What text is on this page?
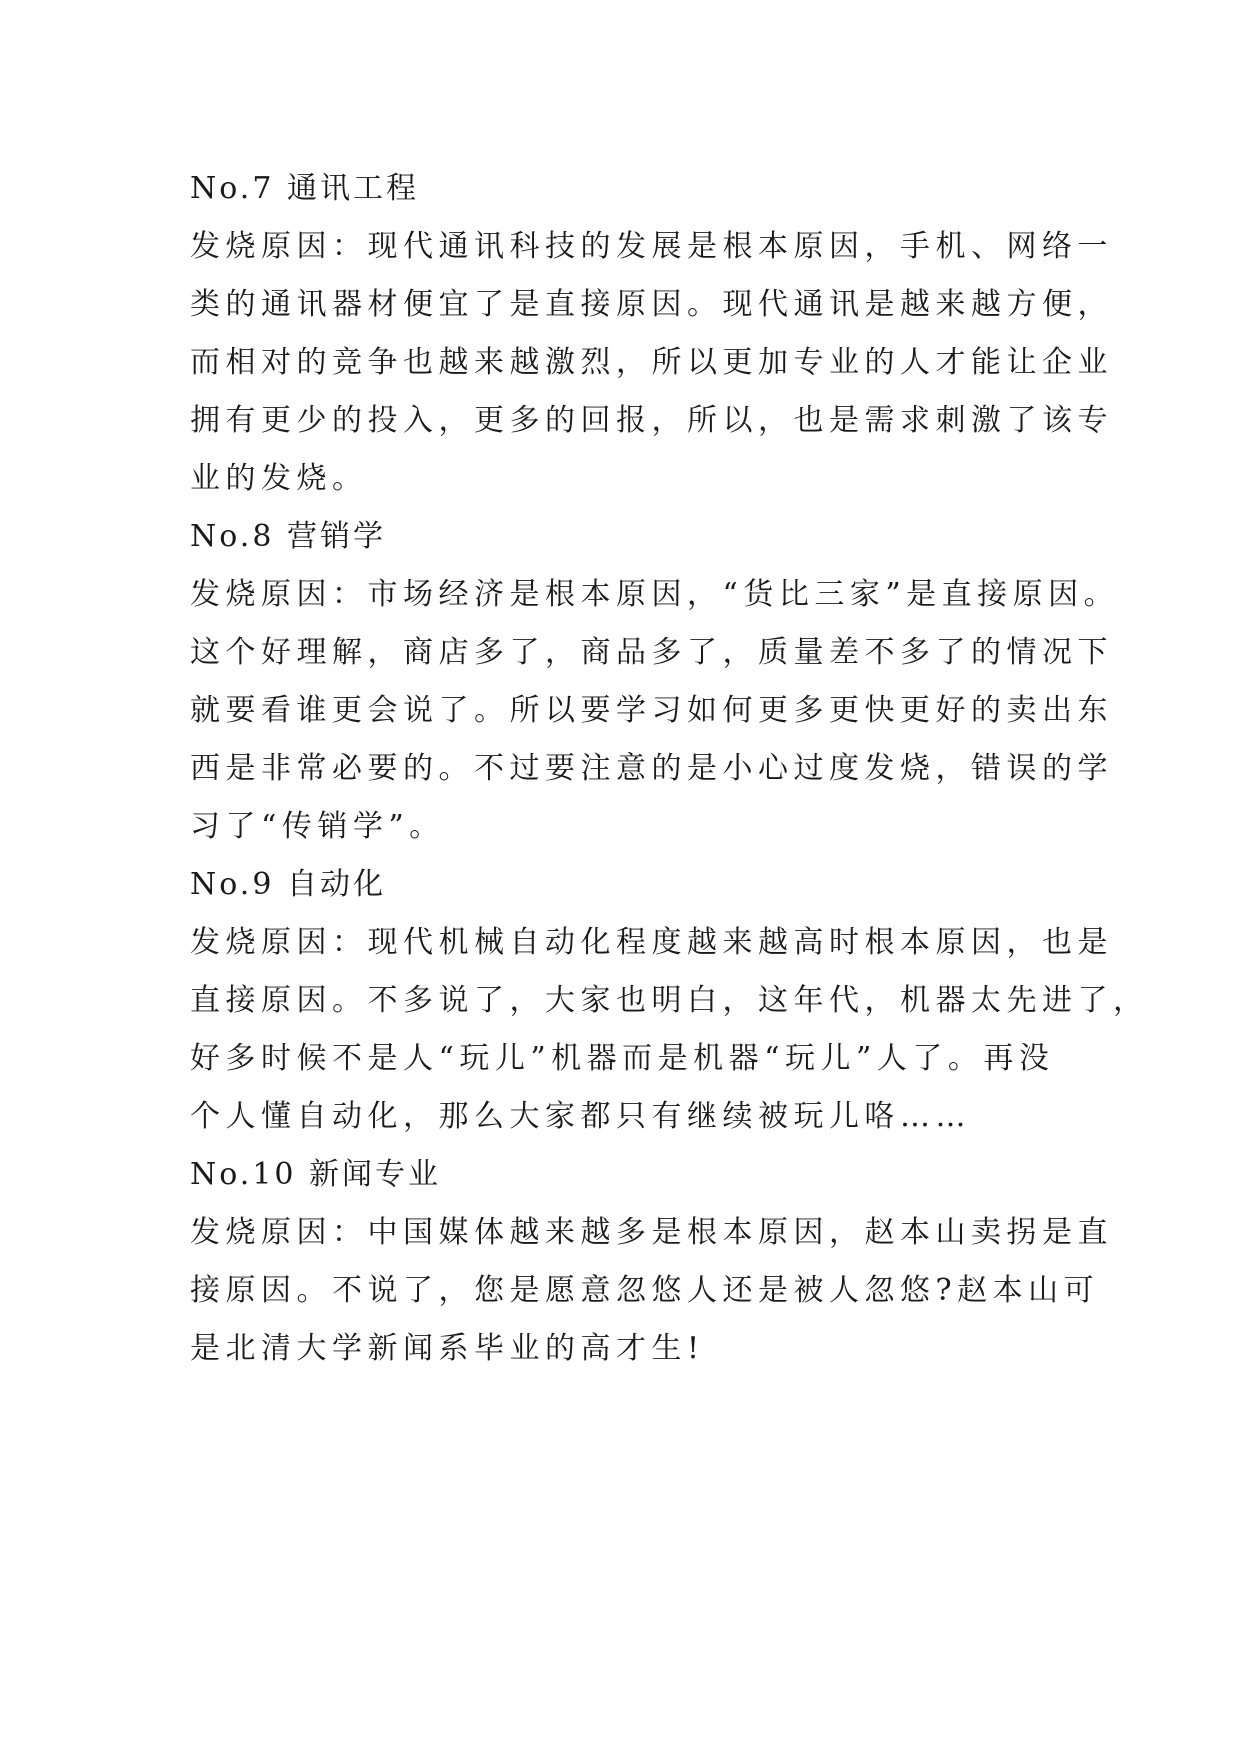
No.7 通讯工程
发烧原因：现代通讯科技的发展是根本原因，手机、网络一
类的通讯器材便宜了是直接原因。现代通讯是越来越方便，
而相对的竞争也越来越激烈，所以更加专业的人才能让企业
拥有更少的投入，更多的回报，所以，也是需求刺激了该专
业的发烧。
No.8 营销学
发烧原因：市场经济是根本原因，“货比三家”是直接原因。
这个好理解，商店多了，商品多了，质量差不多了的情况下
就要看谁更会说了。所以要学习如何更多更快更好的卖出东
西是非常必要的。不过要注意的是小心过度发烧，错误的学
习了“传销学”。
No.9 自动化
发烧原因：现代机械自动化程度越来越高时根本原因，也是
直接原因。不多说了，大家也明白，这年代，机器太先进了，
好多时候不是人“玩儿”机器而是机器“玩儿”人了。再没
个人懂自动化，那么大家都只有继续被玩儿咯……
No.10 新闻专业
发烧原因：中国媒体越来越多是根本原因，赵本山卖拐是直
接原因。不说了，您是愿意忽悠人还是被人忽悠?赵本山可
是北清大学新闻系毕业的高才生!
